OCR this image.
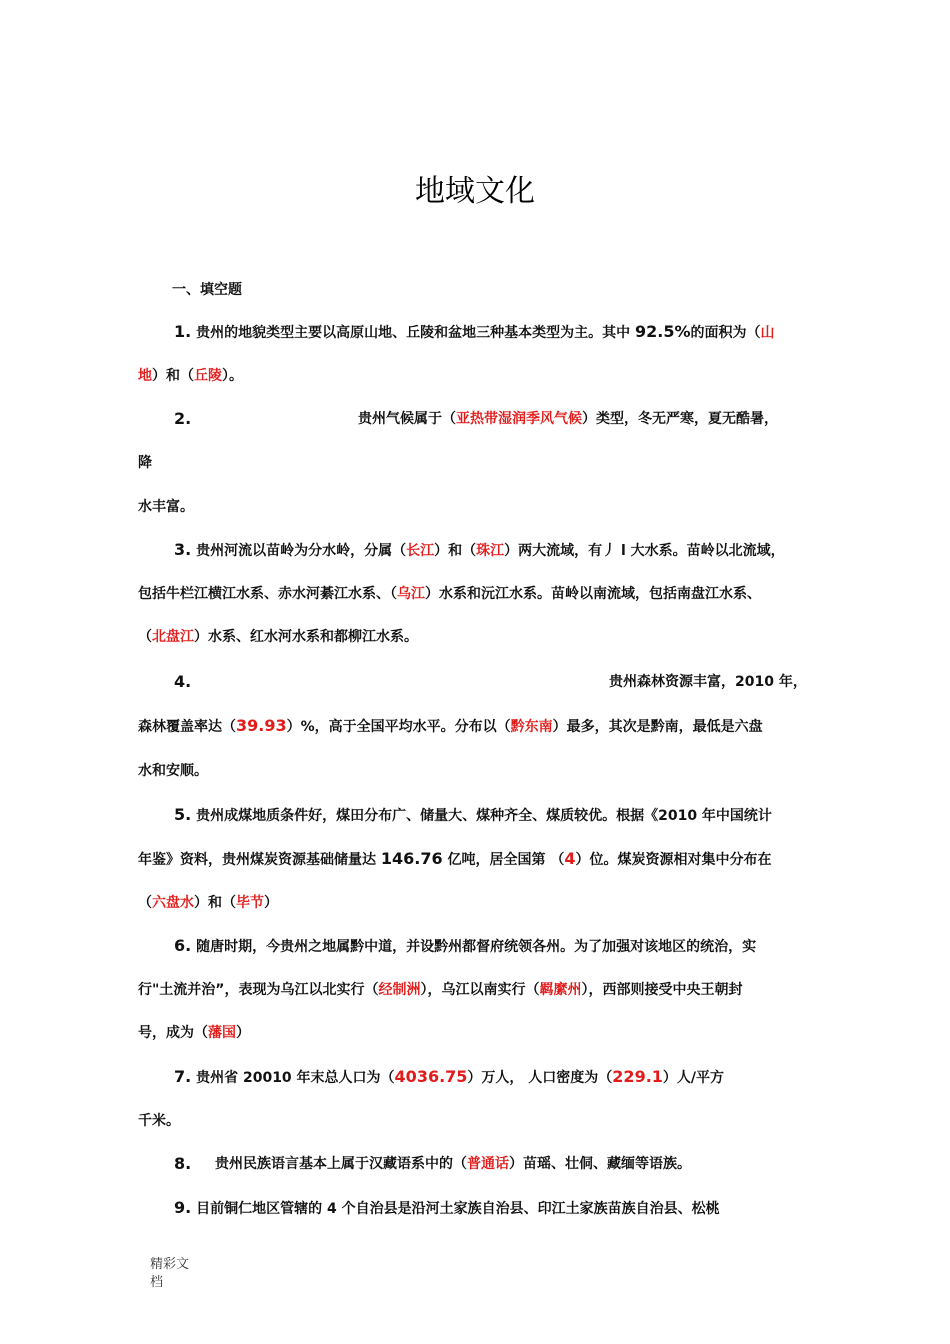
地域文化
一、填空题
1. 贵州的地貌类型主要以高原山地、丘陵和盆地三种基本类型为主。其中 92.5%的面积为（山
地）和（丘陵）。
2.	贵州气候属于（亚热带湿润季风气候）类型，冬无严寒，夏无酷暑，
降
水丰富。
3. 贵州河流以苗岭为分水岭，分属（长江）和（珠江）两大流域，有丿 l 大水系。苗岭以北流域，
包括牛栏江横江水系、赤水河綦江水系、（乌江）水系和沅江水系。苗岭以南流域，包括南盘江水系、
（北盘江）水系、红水河水系和都柳江水系。
4.	贵州森林资源丰富，2010 年，
森林覆盖率达（39.93）%，高于全国平均水平。分布以（黔东南）最多，其次是黔南，最低是六盘
水和安顺。
5. 贵州成煤地质条件好，煤田分布广、储量大、煤种齐全、煤质较优。根据《2010 年中国统计
年鉴》资料，贵州煤炭资源基础储量达 146.76 亿吨，居全国第 （4）位。煤炭资源相对集中分布在
（六盘水）和（毕节）
6. 随唐时期，今贵州之地属黔中道，并设黔州都督府统领各州。为了加强对该地区的统治，实
行"土流并治”，表现为乌江以北实行（经制洲），乌江以南实行（羁縻州），西部则接受中央王朝封
号，成为（藩国）
7. 贵州省 20010 年末总人口为（4036.75）万人， 人口密度为（229.1）人/平方
千米。
8. 贵州民族语言基本上属于汉藏语系中的（普通话）苗瑶、壮侗、藏缅等语族。
9. 目前铜仁地区管辖的 4 个自治县是沿河土家族自治县、印江土家族苗族自治县、松桃
精彩文档
